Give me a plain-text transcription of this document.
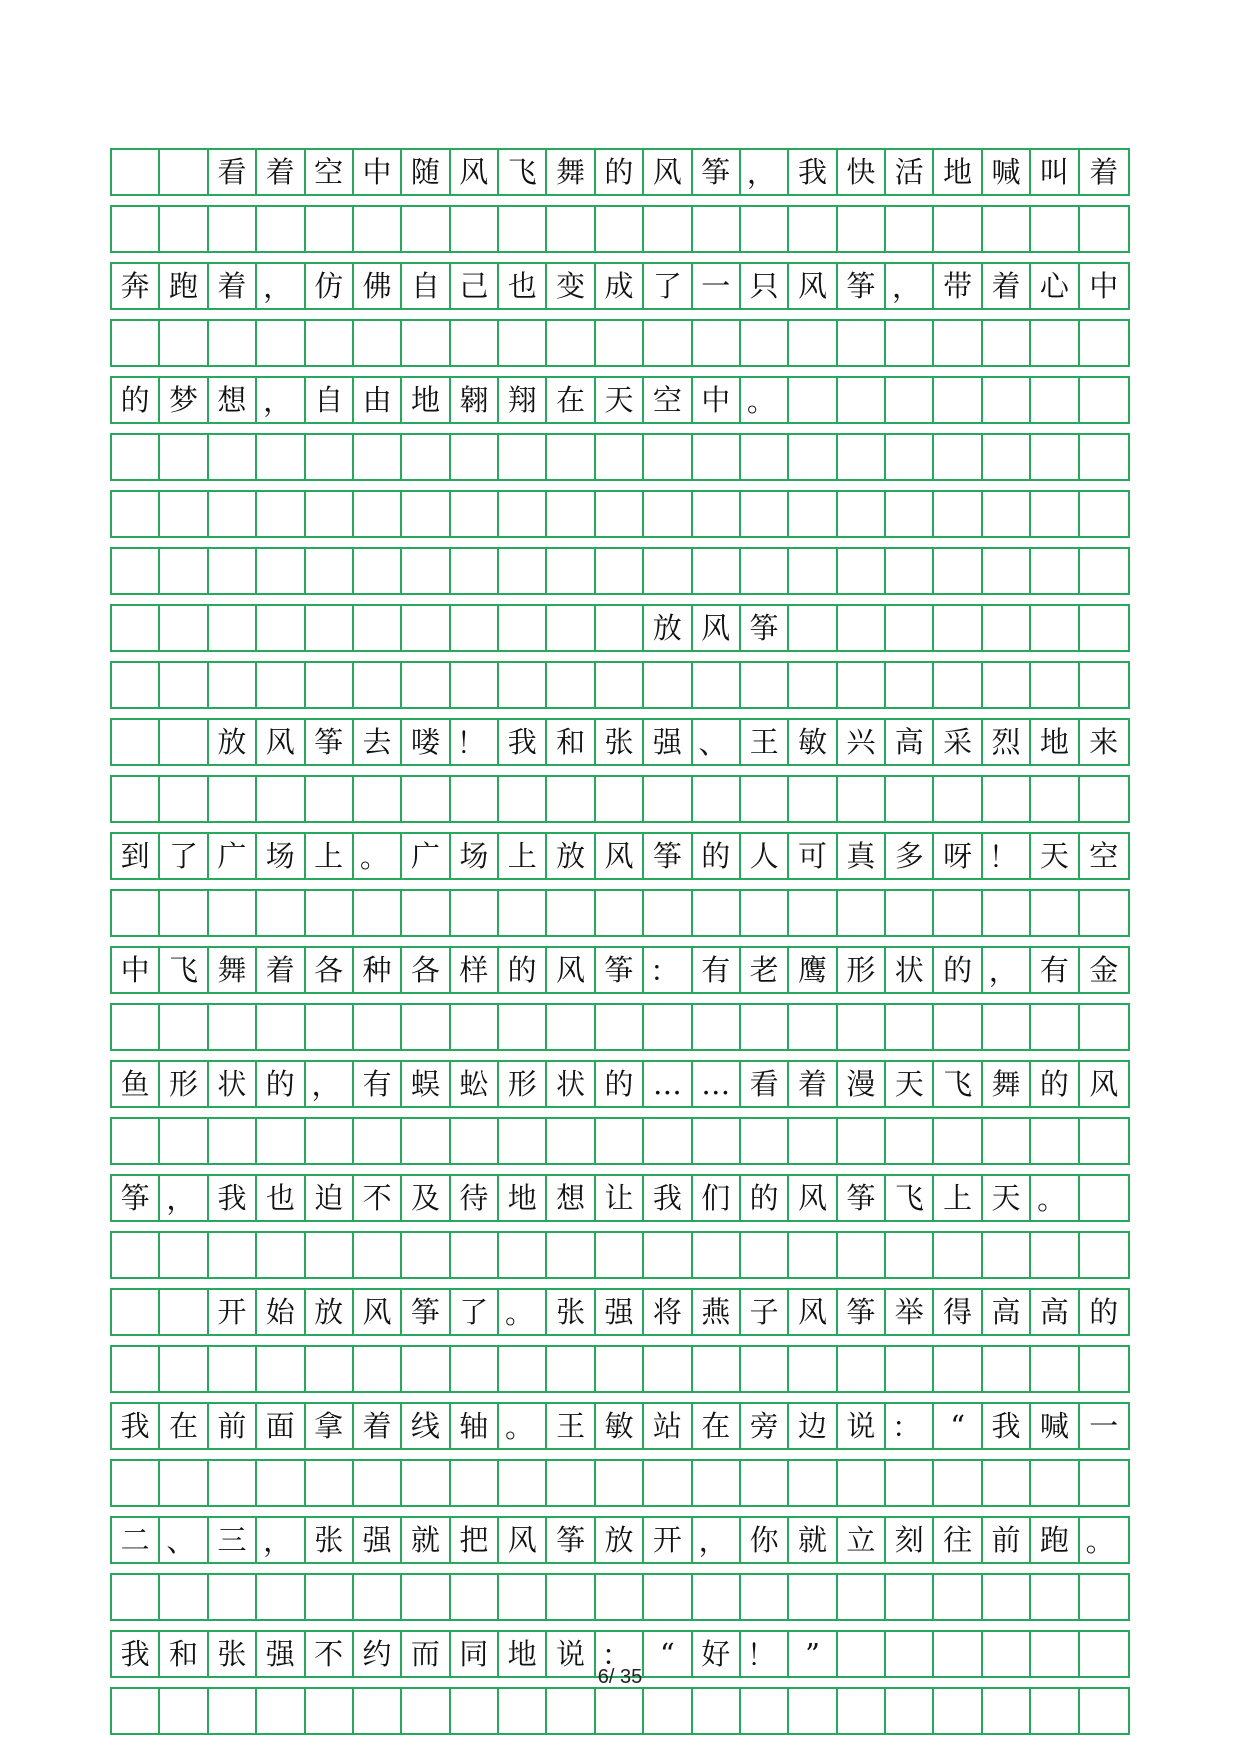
看 着 空 中 随 风 飞 舞 的 风 筝 ， 我 快 活 地 喊 叫 着
奔 跑 着 ， 仿 佛 自 己 也 变 成 了 一 只 风 筝 ， 带 着 心 中
的 梦 想 ， 自 由 地 翱 翔 在 天 空 中 。
放 风 筝
放 风 筝 去 喽 ！ 我 和 张 强 、 王 敏 兴 高 采 烈 地 来
到 了 广 场 上 。 广 场 上 放 风 筝 的 人 可 真 多 呀 ！ 天 空
中 飞 舞 着 各 种 各 样 的 风 筝 ： 有 老 鹰 形 状 的 ， 有 金
鱼 形 状 的 ， 有 蜈 蚣 形 状 的 … … 看 着 漫 天 飞 舞 的 风
筝 ， 我 也 迫 不 及 待 地 想 让 我 们 的 风 筝 飞 上 天 。
开 始 放 风 筝 了 。 张 强 将 燕 子 风 筝 举 得 高 高 的
我 在 前 面 拿 着 线 轴 。 王 敏 站 在 旁 边 说 ：	“ 我 喊 一
二 、 三 ， 张 强 就 把 风 筝 放 开 ， 你 就 立 刻 往 前 跑 。
我 和 张 强 不 约 而 同 地 说 ：	“ 好 ！	”
6/ 35
